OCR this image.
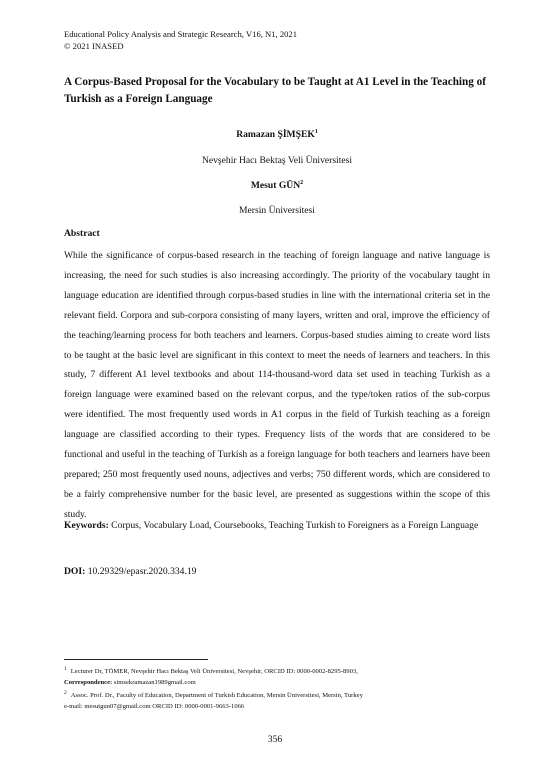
Educational Policy Analysis and Strategic Research, V16, N1, 2021
© 2021 INASED
A Corpus-Based Proposal for the Vocabulary to be Taught at A1 Level in the Teaching of Turkish as a Foreign Language
Ramazan ŞİMŞEK$^1$
Nevşehir Hacı Bektaş Veli Üniversitesi
Mesut GÜN$^2$
Mersin Üniversitesi
Abstract

While the significance of corpus-based research in the teaching of foreign language and native language is increasing, the need for such studies is also increasing accordingly. The priority of the vocabulary taught in language education are identified through corpus-based studies in line with the international criteria set in the relevant field. Corpora and sub-corpora consisting of many layers, written and oral, improve the efficiency of the teaching/learning process for both teachers and learners. Corpus-based studies aiming to create word lists to be taught at the basic level are significant in this context to meet the needs of learners and teachers. In this study, 7 different A1 level textbooks and about 114-thousand-word data set used in teaching Turkish as a foreign language were examined based on the relevant corpus, and the type/token ratios of the sub-corpus were identified. The most frequently used words in A1 corpus in the field of Turkish teaching as a foreign language are classified according to their types. Frequency lists of the words that are considered to be functional and useful in the teaching of Turkish as a foreign language for both teachers and learners have been prepared; 250 most frequently used nouns, adjectives and verbs; 750 different words, which are considered to be a fairly comprehensive number for the basic level, are presented as suggestions within the scope of this study.

Keywords: Corpus, Vocabulary Load, Coursebooks, Teaching Turkish to Foreigners as a Foreign Language

DOI: 10.29329/epasr.2020.334.19

$^1$ Lecturer Dr, TÖMER, Nevşehir Hacı Bektaş Veli Üniversitesi, Nevşehir, ORCID ID: 0000-0002-8295-8903,
Correspondence: simsekramazan1989gmail.com

$^2$ Assoc. Prof. Dr., Faculty of Education, Department of Turkish Education, Mersin Üniversitesi, Mersin, Turkey
e-mail: mesutgun07@gmail.com ORCID ID: 0000-0001-9663-1066

356
